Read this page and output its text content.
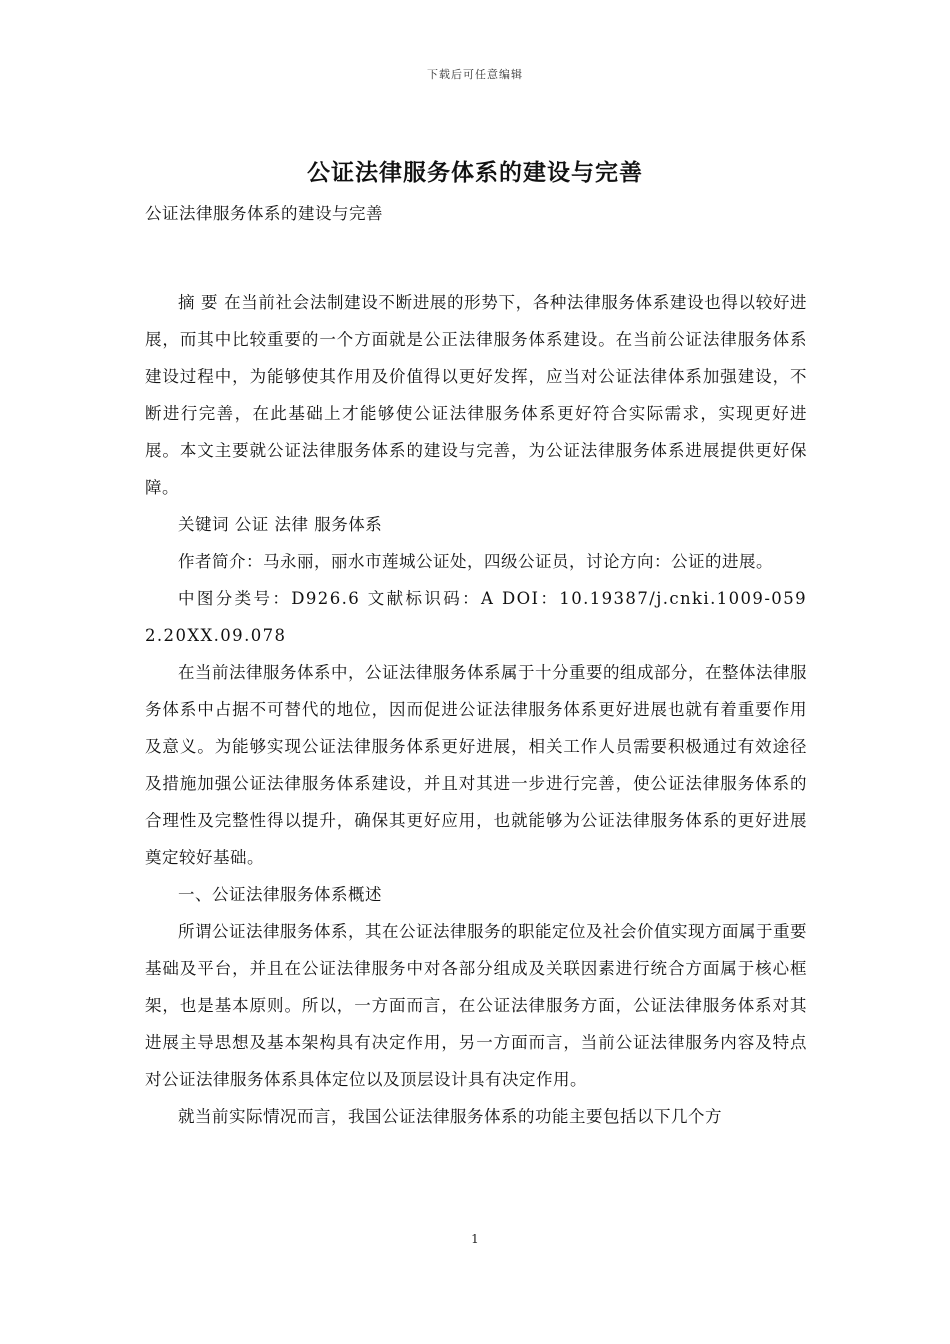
下载后可任意编辑
公证法律服务体系的建设与完善

公证法律服务体系的建设与完善

摘 要 在当前社会法制建设不断进展的形势下，各种法律服务体系建设也得以较好进展，而其中比较重要的一个方面就是公正法律服务体系建设。在当前公证法律服务体系建设过程中，为能够使其作用及价值得以更好发挥，应当对公证法律体系加强建设，不断进行完善，在此基础上才能够使公证法律服务体系更好符合实际需求，实现更好进展。本文主要就公证法律服务体系的建设与完善，为公证法律服务体系进展提供更好保障。

关键词 公证 法律 服务体系

作者简介：马永丽，丽水市莲城公证处，四级公证员，讨论方向：公证的进展。

中图分类号：D926.6 文献标识码：A DOI：10.19387/j.cnki.1009-0592.20XX.09.078

在当前法律服务体系中，公证法律服务体系属于十分重要的组成部分，在整体法律服务体系中占据不可替代的地位，因而促进公证法律服务体系更好进展也就有着重要作用及意义。为能够实现公证法律服务体系更好进展，相关工作人员需要积极通过有效途径及措施加强公证法律服务体系建设，并且对其进一步进行完善，使公证法律服务体系的合理性及完整性得以提升，确保其更好应用，也就能够为公证法律服务体系的更好进展奠定较好基础。

一、公证法律服务体系概述

所谓公证法律服务体系，其在公证法律服务的职能定位及社会价值实现方面属于重要基础及平台，并且在公证法律服务中对各部分组成及关联因素进行统合方面属于核心框架，也是基本原则。所以，一方面而言，在公证法律服务方面，公证法律服务体系对其进展主导思想及基本架构具有决定作用，另一方面而言，当前公证法律服务内容及特点对公证法律服务体系具体定位以及顶层设计具有决定作用。

就当前实际情况而言，我国公证法律服务体系的功能主要包括以下几个方

1
